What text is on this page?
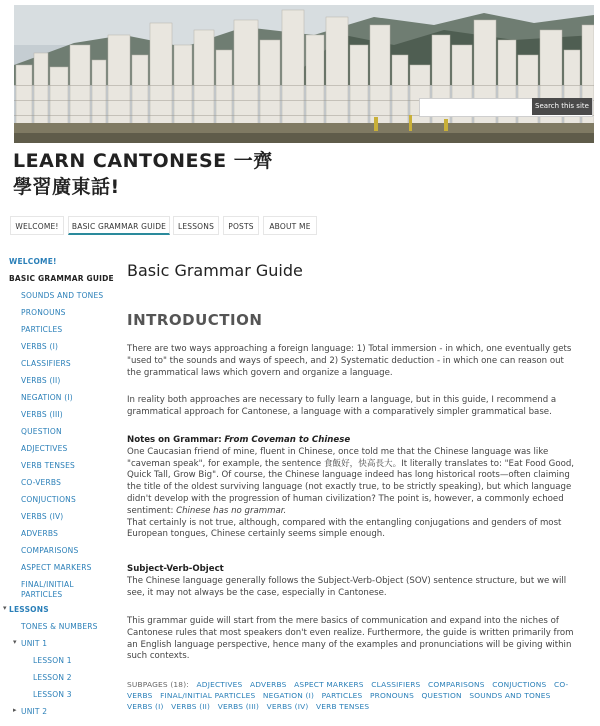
Search this site
LEARN CANTONESE 一齊
學習廣東話!
WELCOME!	BASIC GRAMMAR GUIDE	LESSONS	POSTS	ABOUT ME
WELCOME!
BASIC GRAMMAR GUIDE
SOUNDS AND TONES
PRONOUNS
PARTICLES
VERBS (I)
CLASSIFIERS
VERBS (II)
NEGATION (I)
VERBS (III)
QUESTION
ADJECTIVES
VERB TENSES
CO-VERBS
CONJUCTIONS
VERBS (IV)
ADVERBS
COMPARISONS
ASPECT MARKERS
FINAL/INITIAL PARTICLES
▾ LESSONS
TONES & NUMBERS
▾ UNIT 1
LESSON 1
LESSON 2
LESSON 3
▸ UNIT 2
Basic Grammar Guide
INTRODUCTION
There are two ways approaching a foreign language: 1) Total immersion - in which, one eventually gets "used to" the sounds and ways of speech, and 2) Systematic deduction - in which one can reason out the grammatical laws which govern and organize a language.
In reality both approaches are necessary to fully learn a language, but in this guide, I recommend a grammatical approach for Cantonese, a language with a comparatively simpler grammatical base.
Notes on Grammar: From Coveman to Chinese
One Caucasian friend of mine, fluent in Chinese, once told me that the Chinese language was like "caveman speak", for example, the sentence 食飯好，快高長大。It literally translates to: "Eat Food Good, Quick Tall, Grow Big". Of course, the Chinese language indeed has long historical roots—often claiming the title of the oldest surviving language (not exactly true, to be strictly speaking), but which language didn't develop with the progression of human civilization? The point is, however, a commonly echoed sentiment: Chinese has no grammar.
That certainly is not true, although, compared with the entangling conjugations and genders of most European tongues, Chinese certainly seems simple enough.
Subject-Verb-Object
The Chinese language generally follows the Subject-Verb-Object (SOV) sentence structure, but we will see, it may not always be the case, especially in Cantonese.
This grammar guide will start from the mere basics of communication and expand into the niches of Cantonese rules that most speakers don't even realize. Furthermore, the guide is written primarily from an English language perspective, hence many of the examples and pronunciations will be giving within such contexts.
SUBPAGES (18): ADJECTIVES ADVERBS ASPECT MARKERS CLASSIFIERS COMPARISONS CONJUCTIONS CO-VERBS FINAL/INITIAL PARTICLES NEGATION (I) PARTICLES PRONOUNS QUESTION SOUNDS AND TONES VERBS (I) VERBS (II) VERBS (III) VERBS (IV) VERB TENSES
